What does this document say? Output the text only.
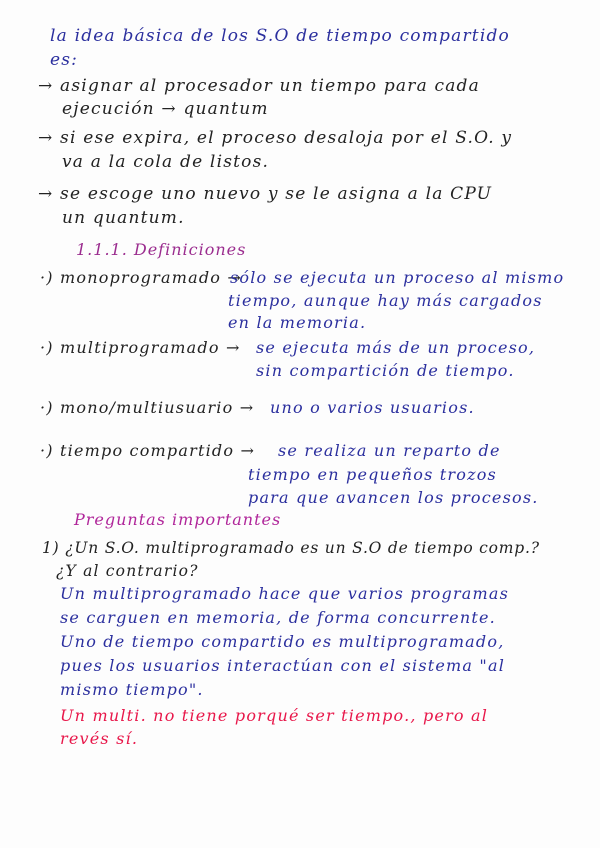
la idea básica de los S.O de tiempo compartido
es:
→ asignar al procesador un tiempo para cada
ejecución → quantum
→ si ese expira, el proceso desaloja por el S.O. y
va a la cola de listos.
→ se escoge uno nuevo y se le asigna a la CPU
un quantum.
1.1.1. Definiciones
·) monoprogramado →
sólo se ejecuta un proceso al mismo
tiempo, aunque hay más cargados
en la memoria.
·) multiprogramado → se ejecuta más de un proceso,
sin compartición de tiempo.
·) mono/multiusuario → uno o varios usuarios.
·) tiempo compartido → se realiza un reparto de
tiempo en pequeños trozos
para que avancen los procesos.
Preguntas importantes
1) ¿Un S.O. multiprogramado es un S.O de tiempo comp.?
¿Y al contrario?
Un multiprogramado hace que varios programas
se carguen en memoria, de forma concurrente.
Uno de tiempo compartido es multiprogramado,
pues los usuarios interactúan con el sistema "al
mismo tiempo".
Un multi. no tiene porqué ser tiempo., pero al
revés sí.
